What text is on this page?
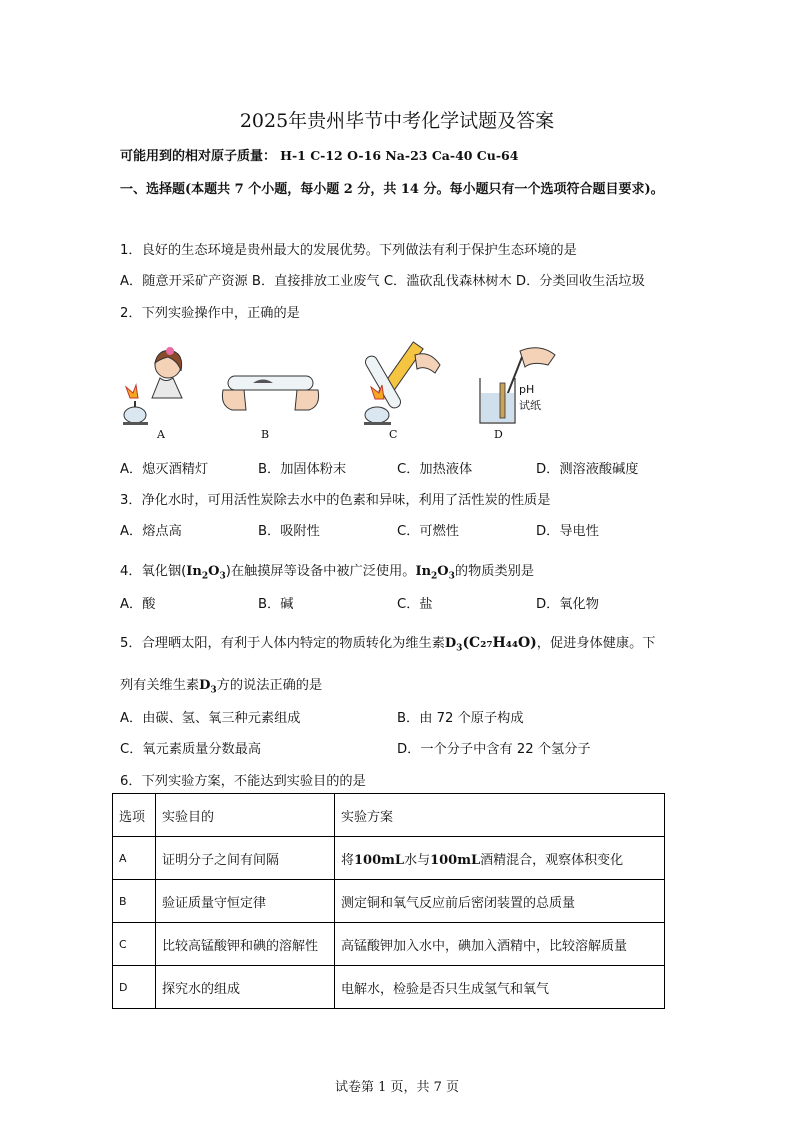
2025年贵州毕节中考化学试题及答案
可能用到的相对原子质量： H-1 C-12 O-16 Na-23 Ca-40 Cu-64
一、选择题(本题共 7 个小题，每小题 2 分，共 14 分。每小题只有一个选项符合题目要求)。
1．良好的生态环境是贵州最大的发展优势。下列做法有利于保护生态环境的是
A．随意开采矿产资源 B．直接排放工业废气 C．滥砍乱伐森林树木 D．分类回收生活垃圾
2．下列实验操作中，正确的是
pH
试纸
A	B	C	D
A．熄灭酒精灯	B．加固体粉末	C．加热液体	D．测溶液酸碱度
3．净化水时，可用活性炭除去水中的色素和异味，利用了活性炭的性质是
A．熔点高	B．吸附性	C．可燃性	D．导电性
4．氧化铟$(In_2O_3)$在触摸屏等设备中被广泛使用。$In_2O_3$的物质类别是
A．酸	B．碱	C．盐	D．氧化物
5．合理晒太阳，有利于人体内特定的物质转化为维生素$D_3(C_{27}H_{44}O)$，促进身体健康。下
列有关维生素$D_3$方的说法正确的是
A．由碳、氢、氧三种元素组成	B．由 72 个原子构成
C．氧元素质量分数最高	D．一个分子中含有 22 个氢分子
6．下列实验方案，不能达到实验目的的是
选项	实验目的	实验方案
A	证明分子之间有间隔	将100mL水与100mL酒精混合，观察体积变化
B	验证质量守恒定律	测定铜和氧气反应前后密闭装置的总质量
C	比较高锰酸钾和碘的溶解性	高锰酸钾加入水中，碘加入酒精中，比较溶解质量
D	探究水的组成	电解水，检验是否只生成氢气和氧气
试卷第 1 页，共 7 页
